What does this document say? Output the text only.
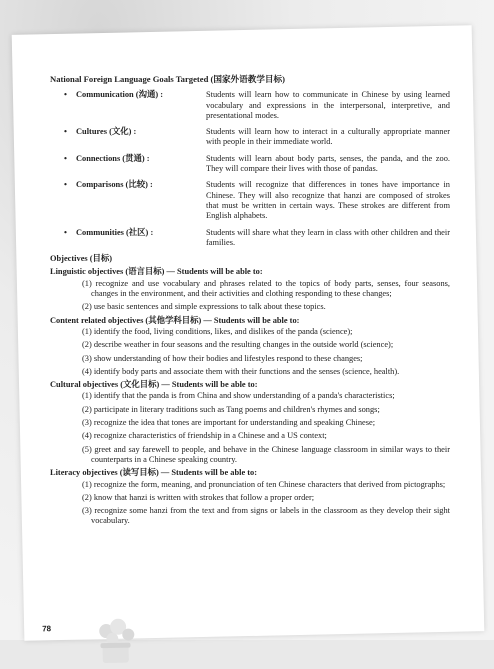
78
National Foreign Language Goals Targeted (国家外语教学目标)
•	Communication (沟通) :	Students will learn how to communicate in Chinese by using learned vocabulary and expressions in the interpersonal, interpretive, and presentational modes.
•	Cultures (文化) :	Students will learn how to interact in a culturally appropriate manner with people in their immediate world.
•	Connections (贯通) :	Students will learn about body parts, senses, the panda, and the zoo. They will compare their lives with those of pandas.
•	Comparisons (比较) :	Students will recognize that differences in tones have importance in Chinese. They will also recognize that hanzi are composed of strokes that must be written in certain ways. These strokes are different from English alphabets.
•	Communities (社区) :	Students will share what they learn in class with other children and their families.
Objectives (目标)
Linguistic objectives (语言目标) — Students will be able to:
(1) recognize and use vocabulary and phrases related to the topics of body parts, senses, four seasons, changes in the environment, and their activities and clothing responding to these changes;
(2) use basic sentences and simple expressions to talk about these topics.
Content related objectives (其他学科目标) — Students will be able to:
(1) identify the food, living conditions, likes, and dislikes of the panda (science);
(2) describe weather in four seasons and the resulting changes in the outside world (science);
(3) show understanding of how their bodies and lifestyles respond to these changes;
(4) identify body parts and associate them with their functions and the senses (science, health).
Cultural objectives (文化目标) — Students will be able to:
(1) identify that the panda is from China and show understanding of a panda's characteristics;
(2) participate in literary traditions such as Tang poems and children's rhymes and songs;
(3) recognize the idea that tones are important for understanding and speaking Chinese;
(4) recognize characteristics of friendship in a Chinese and a US context;
(5) greet and say farewell to people, and behave in the Chinese language classroom in similar ways to their counterparts in a Chinese speaking country.
Literacy objectives (读写目标) — Students will be able to:
(1) recognize the form, meaning, and pronunciation of ten Chinese characters that derived from pictographs;
(2) know that hanzi is written with strokes that follow a proper order;
(3) recognize some hanzi from the text and from signs or labels in the classroom as they develop their sight vocabulary.
